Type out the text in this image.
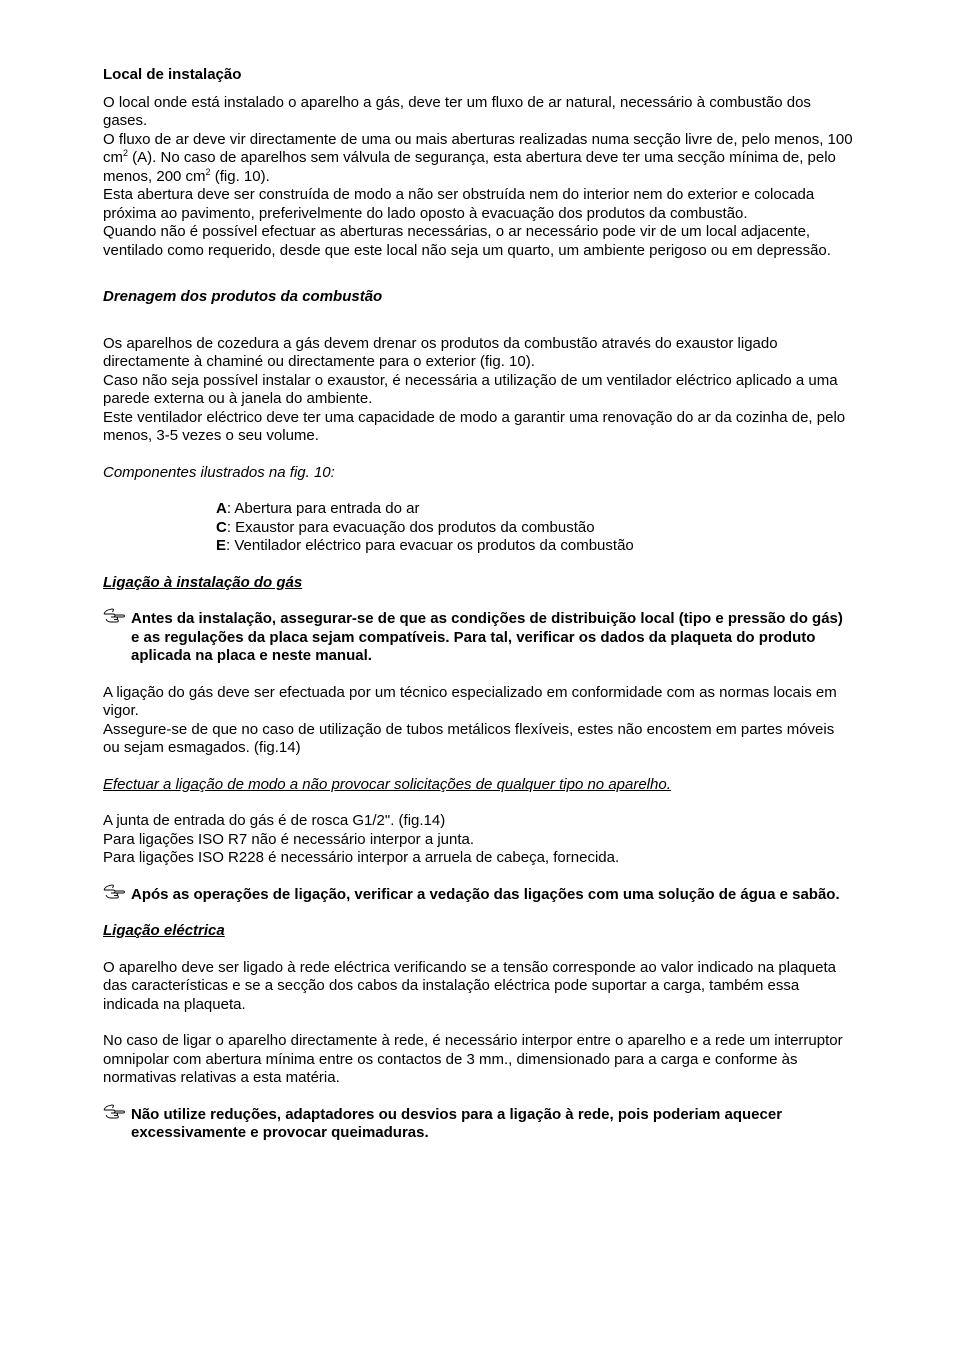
Local de instalação

O local onde está instalado o aparelho a gás, deve ter um fluxo de ar natural, necessário à combustão dos gases.

O fluxo de ar deve vir directamente de uma ou mais aberturas realizadas numa secção livre de, pelo menos, 100 $cm^2$ (A). No caso de aparelhos sem válvula de segurança, esta abertura deve ter uma secção mínima de, pelo menos, 200 $cm^2$ (fig. 10).

Esta abertura deve ser construída de modo a não ser obstruída nem do interior nem do exterior e colocada próxima ao pavimento, preferivelmente do lado oposto à evacuação dos produtos da combustão.

Quando não é possível efectuar as aberturas necessárias, o ar necessário pode vir de um local adjacente, ventilado como requerido, desde que este local não seja um quarto, um ambiente perigoso ou em depressão.

Drenagem dos produtos da combustão

Os aparelhos de cozedura a gás devem drenar os produtos da combustão através do exaustor ligado directamente à chaminé ou directamente para o exterior (fig. 10).

Caso não seja possível instalar o exaustor, é necessária a utilização de um ventilador eléctrico aplicado a uma parede externa ou à janela do ambiente.

Este ventilador eléctrico deve ter uma capacidade de modo a garantir uma renovação do ar da cozinha de, pelo menos, 3-5 vezes o seu volume.

Componentes ilustrados na fig. 10:

A: Abertura para entrada do ar

C: Exaustor para evacuação dos produtos da combustão

E: Ventilador eléctrico para evacuar os produtos da combustão

Ligação à instalação do gás

Antes da instalação, assegurar-se de que as condições de distribuição local (tipo e pressão do gás) e as regulações da placa sejam compatíveis. Para tal, verificar os dados da plaqueta do produto aplicada na placa e neste manual.

A ligação do gás deve ser efectuada por um técnico especializado em conformidade com as normas locais em vigor.

Assegure-se de que no caso de utilização de tubos metálicos flexíveis, estes não encostem em partes móveis ou sejam esmagados. (fig.14)

Efectuar a ligação de modo a não provocar solicitações de qualquer tipo no aparelho.

A junta de entrada do gás é de rosca G1/2". (fig.14)

Para ligações ISO R7 não é necessário interpor a junta.

Para ligações ISO R228 é necessário interpor a arruela de cabeça, fornecida.

Após as operações de ligação, verificar a vedação das ligações com uma solução de água e sabão.

Ligação eléctrica

O aparelho deve ser ligado à rede eléctrica verificando se a tensão corresponde ao valor indicado na plaqueta das características e se a secção dos cabos da instalação eléctrica pode suportar a carga, também essa indicada na plaqueta.

No caso de ligar o aparelho directamente à rede, é necessário interpor entre o aparelho e a rede um interruptor omnipolar com abertura mínima entre os contactos de 3 mm., dimensionado para a carga e conforme às normativas relativas a esta matéria.

Não utilize reduções, adaptadores ou desvios para a ligação à rede, pois poderiam aquecer excessivamente e provocar queimaduras.
